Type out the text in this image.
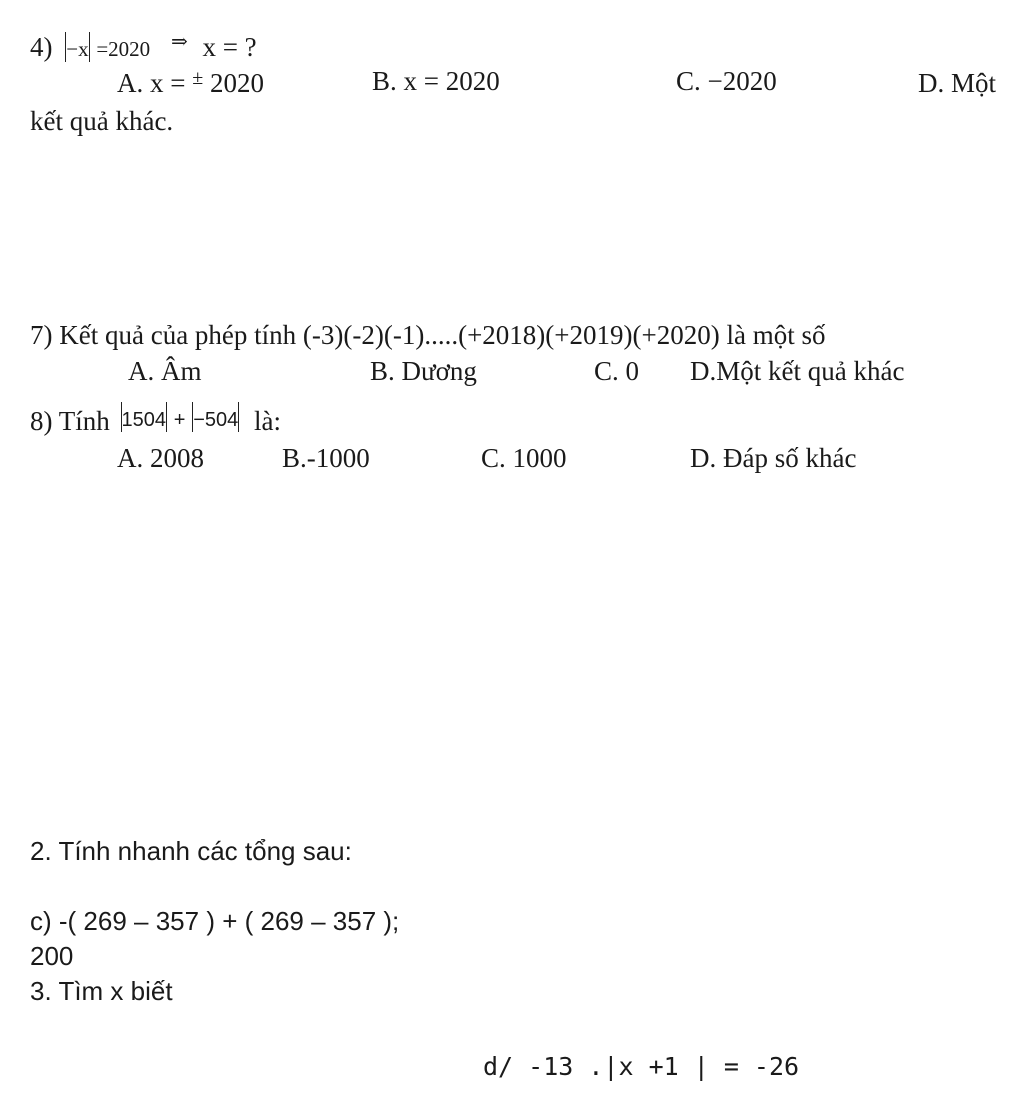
4) −x =2020 ⇒ x = ?
A. x = ± 2020	B. x = 2020	C. −2020	D. Một
kết quả khác.
7) Kết quả của phép tính (-3)(-2)(-1).....(+2018)(+2019)(+2020) là một số
A. Âm	B. Dương	C. 0 D.Một kết quả khác
8) Tính 1504 + −504 là:
A. 2008	B.-1000	C. 1000	D. Đáp số khác
2. Tính nhanh các tổng sau:
c) -( 269 – 357 ) + ( 269 – 357 );
200
3. Tìm x biết
d/ -13 .|x +1 | = -26
